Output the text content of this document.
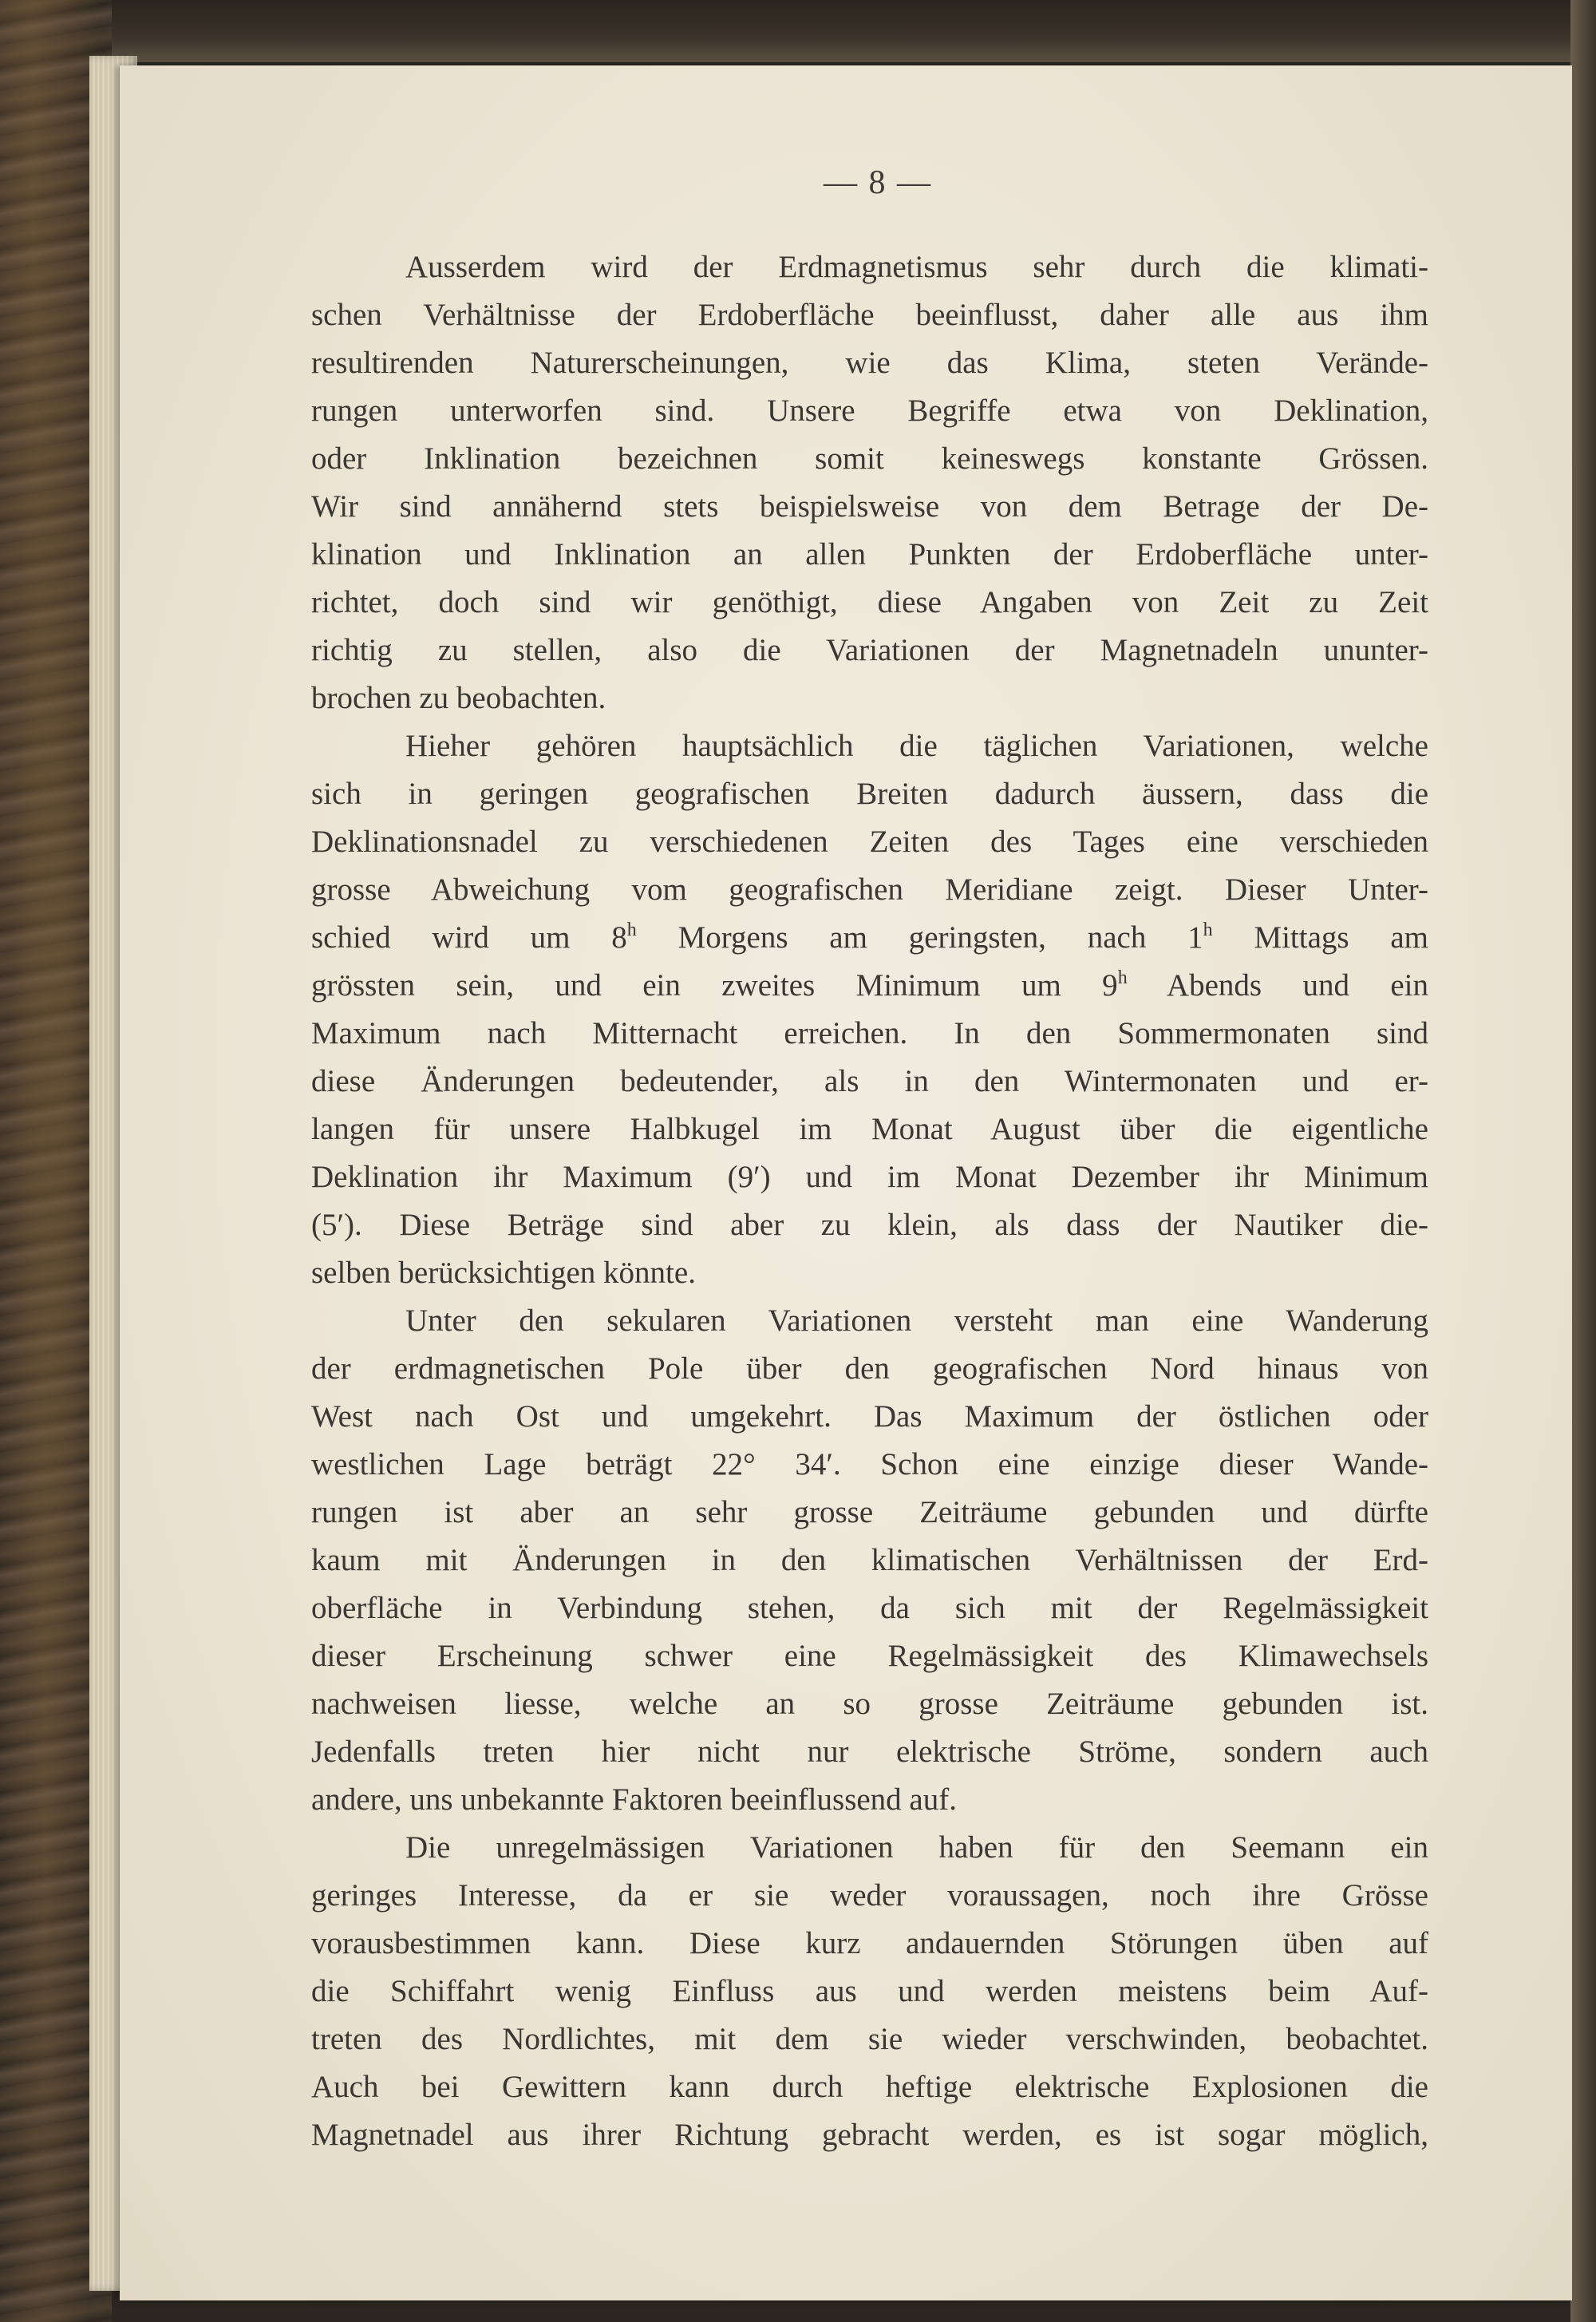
— 8 —
Ausserdem wird der Erdmagnetismus sehr durch die klimati-
schen Verhältnisse der Erdoberfläche beeinflusst, daher alle aus ihm
resultirenden Naturerscheinungen, wie das Klima, steten Verände-
rungen unterworfen sind. Unsere Begriffe etwa von Deklination,
oder Inklination bezeichnen somit keineswegs konstante Grössen.
Wir sind annähernd stets beispielsweise von dem Betrage der De-
klination und Inklination an allen Punkten der Erdoberfläche unter-
richtet, doch sind wir genöthigt, diese Angaben von Zeit zu Zeit
richtig zu stellen, also die Variationen der Magnetnadeln ununter-
brochen zu beobachten.
Hieher gehören hauptsächlich die täglichen Variationen, welche
sich in geringen geografischen Breiten dadurch äussern, dass die
Deklinationsnadel zu verschiedenen Zeiten des Tages eine verschieden
grosse Abweichung vom geografischen Meridiane zeigt. Dieser Unter-
schied wird um 8$^h$ Morgens am geringsten, nach 1$^h$ Mittags am
grössten sein, und ein zweites Minimum um 9$^h$ Abends und ein
Maximum nach Mitternacht erreichen. In den Sommermonaten sind
diese Änderungen bedeutender, als in den Wintermonaten und er-
langen für unsere Halbkugel im Monat August über die eigentliche
Deklination ihr Maximum (9′) und im Monat Dezember ihr Minimum
(5′). Diese Beträge sind aber zu klein, als dass der Nautiker die-
selben berücksichtigen könnte.
Unter den sekularen Variationen versteht man eine Wanderung
der erdmagnetischen Pole über den geografischen Nord hinaus von
West nach Ost und umgekehrt. Das Maximum der östlichen oder
westlichen Lage beträgt 22° 34′. Schon eine einzige dieser Wande-
rungen ist aber an sehr grosse Zeiträume gebunden und dürfte
kaum mit Änderungen in den klimatischen Verhältnissen der Erd-
oberfläche in Verbindung stehen, da sich mit der Regelmässigkeit
dieser Erscheinung schwer eine Regelmässigkeit des Klimawechsels
nachweisen liesse, welche an so grosse Zeiträume gebunden ist.
Jedenfalls treten hier nicht nur elektrische Ströme, sondern auch
andere, uns unbekannte Faktoren beeinflussend auf.
Die unregelmässigen Variationen haben für den Seemann ein
geringes Interesse, da er sie weder voraussagen, noch ihre Grösse
vorausbestimmen kann. Diese kurz andauernden Störungen üben auf
die Schiffahrt wenig Einfluss aus und werden meistens beim Auf-
treten des Nordlichtes, mit dem sie wieder verschwinden, beobachtet.
Auch bei Gewittern kann durch heftige elektrische Explosionen die
Magnetnadel aus ihrer Richtung gebracht werden, es ist sogar möglich,
